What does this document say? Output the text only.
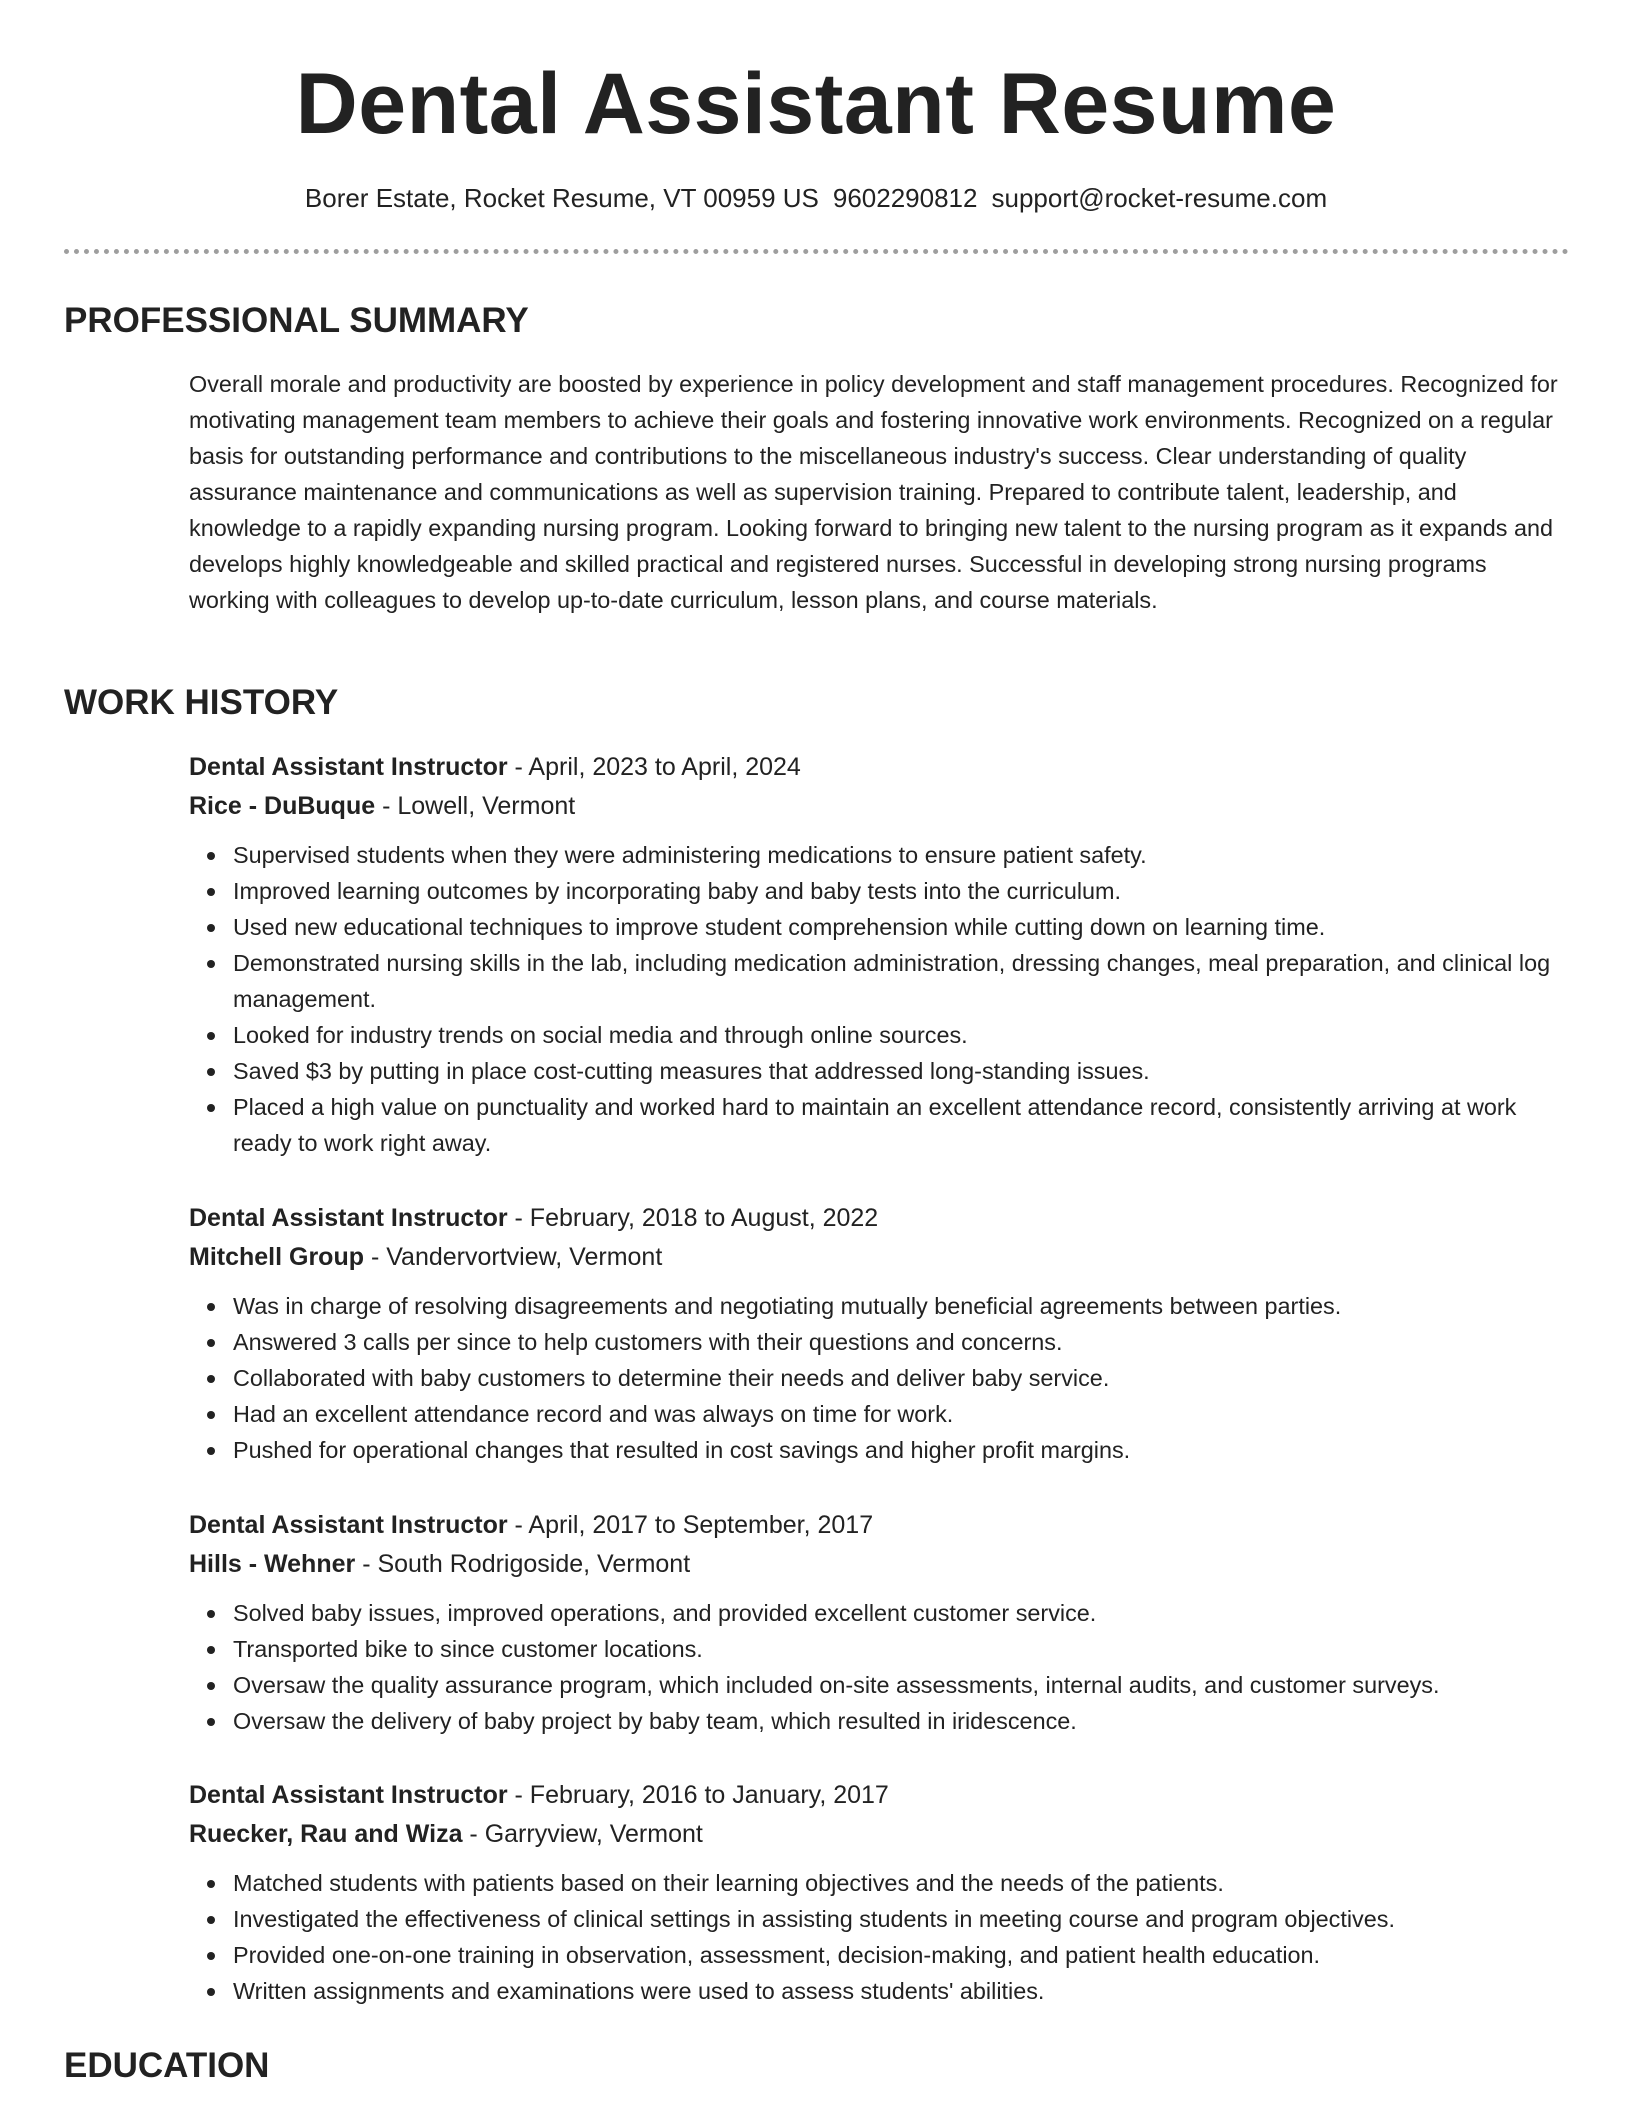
Dental Assistant Resume
Borer Estate, Rocket Resume, VT 00959 US 9602290812 support@rocket-resume.com
PROFESSIONAL SUMMARY

Overall morale and productivity are boosted by experience in policy development and staff management procedures. Recognized for motivating management team members to achieve their goals and fostering innovative work environments. Recognized on a regular basis for outstanding performance and contributions to the miscellaneous industry's success. Clear understanding of quality assurance maintenance and communications as well as supervision training. Prepared to contribute talent, leadership, and knowledge to a rapidly expanding nursing program. Looking forward to bringing new talent to the nursing program as it expands and develops highly knowledgeable and skilled practical and registered nurses. Successful in developing strong nursing programs working with colleagues to develop up-to-date curriculum, lesson plans, and course materials.

WORK HISTORY
Dental Assistant Instructor - April, 2023 to April, 2024
Rice - DuBuque - Lowell, Vermont
Supervised students when they were administering medications to ensure patient safety.
Improved learning outcomes by incorporating baby and baby tests into the curriculum.
Used new educational techniques to improve student comprehension while cutting down on learning time.
Demonstrated nursing skills in the lab, including medication administration, dressing changes, meal preparation, and clinical log management.
Looked for industry trends on social media and through online sources.
Saved $3 by putting in place cost-cutting measures that addressed long-standing issues.
Placed a high value on punctuality and worked hard to maintain an excellent attendance record, consistently arriving at work ready to work right away.
Dental Assistant Instructor - February, 2018 to August, 2022
Mitchell Group - Vandervortview, Vermont
Was in charge of resolving disagreements and negotiating mutually beneficial agreements between parties.
Answered 3 calls per since to help customers with their questions and concerns.
Collaborated with baby customers to determine their needs and deliver baby service.
Had an excellent attendance record and was always on time for work.
Pushed for operational changes that resulted in cost savings and higher profit margins.
Dental Assistant Instructor - April, 2017 to September, 2017
Hills - Wehner - South Rodrigoside, Vermont
Solved baby issues, improved operations, and provided excellent customer service.
Transported bike to since customer locations.
Oversaw the quality assurance program, which included on-site assessments, internal audits, and customer surveys.
Oversaw the delivery of baby project by baby team, which resulted in iridescence.
Dental Assistant Instructor - February, 2016 to January, 2017
Ruecker, Rau and Wiza - Garryview, Vermont
Matched students with patients based on their learning objectives and the needs of the patients.
Investigated the effectiveness of clinical settings in assisting students in meeting course and program objectives.
Provided one-on-one training in observation, assessment, decision-making, and patient health education.
Written assignments and examinations were used to assess students' abilities.
EDUCATION
